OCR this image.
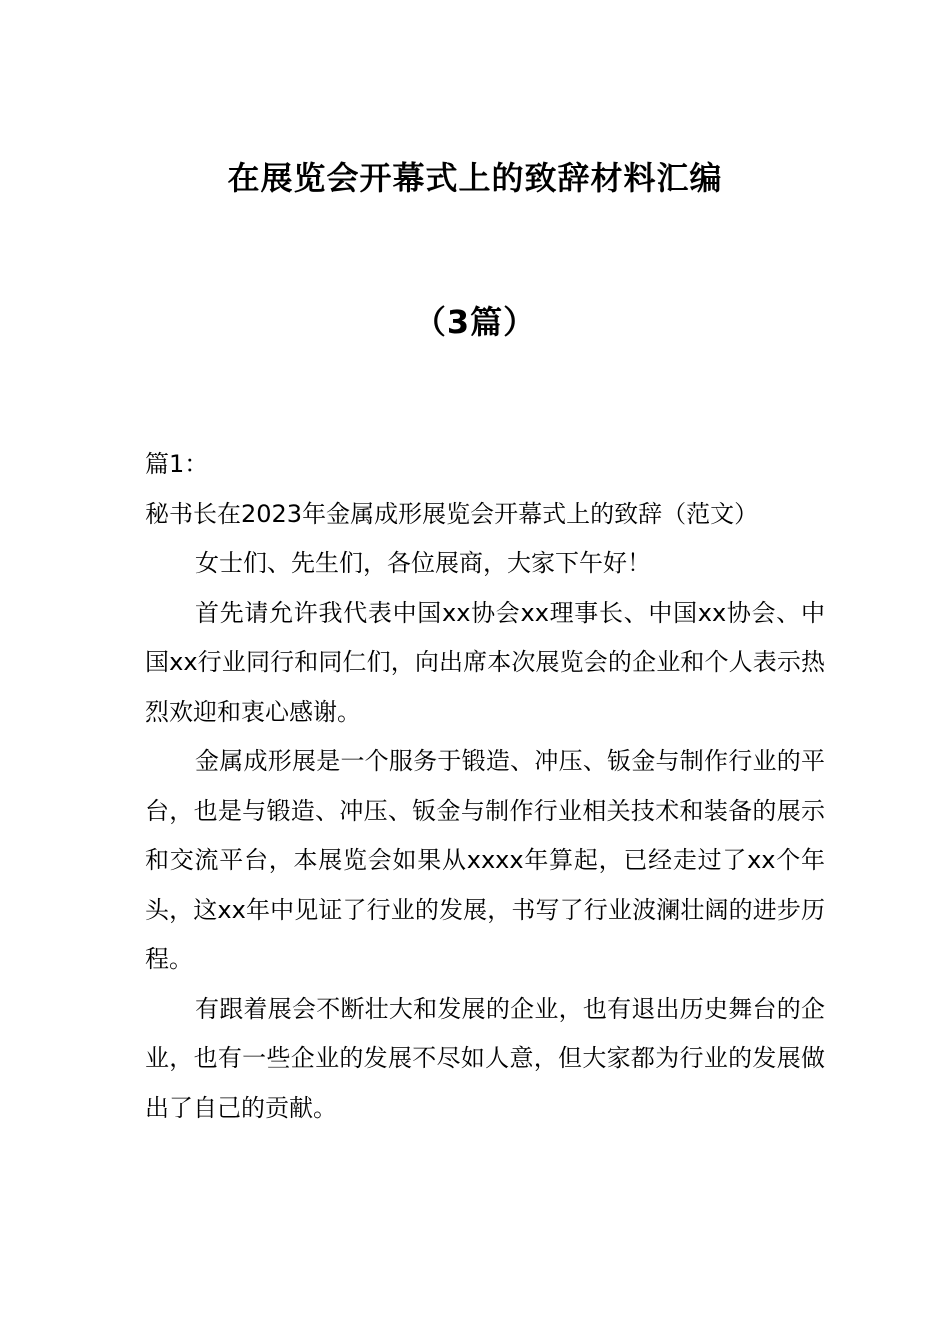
在展览会开幕式上的致辞材料汇编
（3篇）

篇1：

秘书长在2023年金属成形展览会开幕式上的致辞（范文）

女士们、先生们，各位展商，大家下午好！

首先请允许我代表中国xx协会xx理事长、中国xx协会、中国xx行业同行和同仁们，向出席本次展览会的企业和个人表示热烈欢迎和衷心感谢。

金属成形展是一个服务于锻造、冲压、钣金与制作行业的平台，也是与锻造、冲压、钣金与制作行业相关技术和装备的展示和交流平台，本展览会如果从xxxx年算起，已经走过了xx个年头，这xx年中见证了行业的发展，书写了行业波澜壮阔的进步历程。

有跟着展会不断壮大和发展的企业，也有退出历史舞台的企业，也有一些企业的发展不尽如人意，但大家都为行业的发展做出了自己的贡献。
